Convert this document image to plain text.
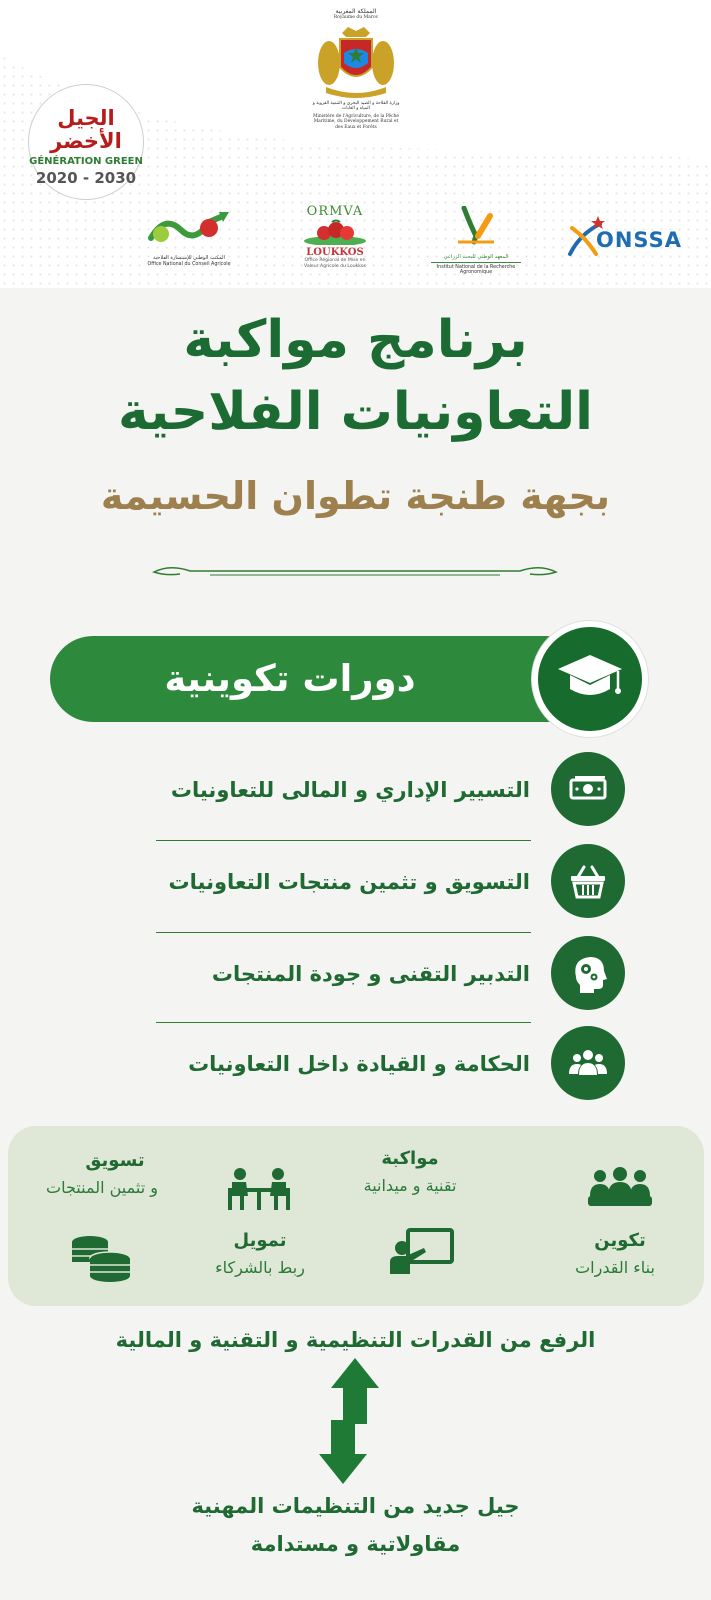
المملكة المغربية
Royaume du Maroc
وزارة الفلاحة و الصيد البحري و التنمية القروية و المياه و الغابات
Ministère de l'Agriculture, de la Pêche Maritime, du Développement Rural et des Eaux et Forêts
الجيل الأخضر
GÉNÉRATION GREEN
2020 - 2030
المكتب الوطني للإستشارة الفلاحية
Office National du Conseil Agricole
ORMVA
LOUKKOS
Office Régional de Mise en Valeur Agricole du Loukkos
المعهد الوطني للبحث الزراعي
Institut National de la Recherche Agronomique
ONSSA
برنامج مواكبة
التعاونيات الفلاحية
بجهة طنجة تطوان الحسيمة
دورات تكوينية
التسيير الإداري و المالى للتعاونيات
التسويق و تثمين منتجات التعاونيات
التدبير التقنى و جودة المنتجات
الحكامة و القيادة داخل التعاونيات
تكوين
بناء القدرات
مواكبة
تقنية و ميدانية
تمويل
ربط بالشركاء
تسويق
و تثمين المنتجات
الرفع من القدرات التنظيمية و التقنية و المالية
جيل جديد من التنظيمات المهنية
مقاولاتية و مستدامة
